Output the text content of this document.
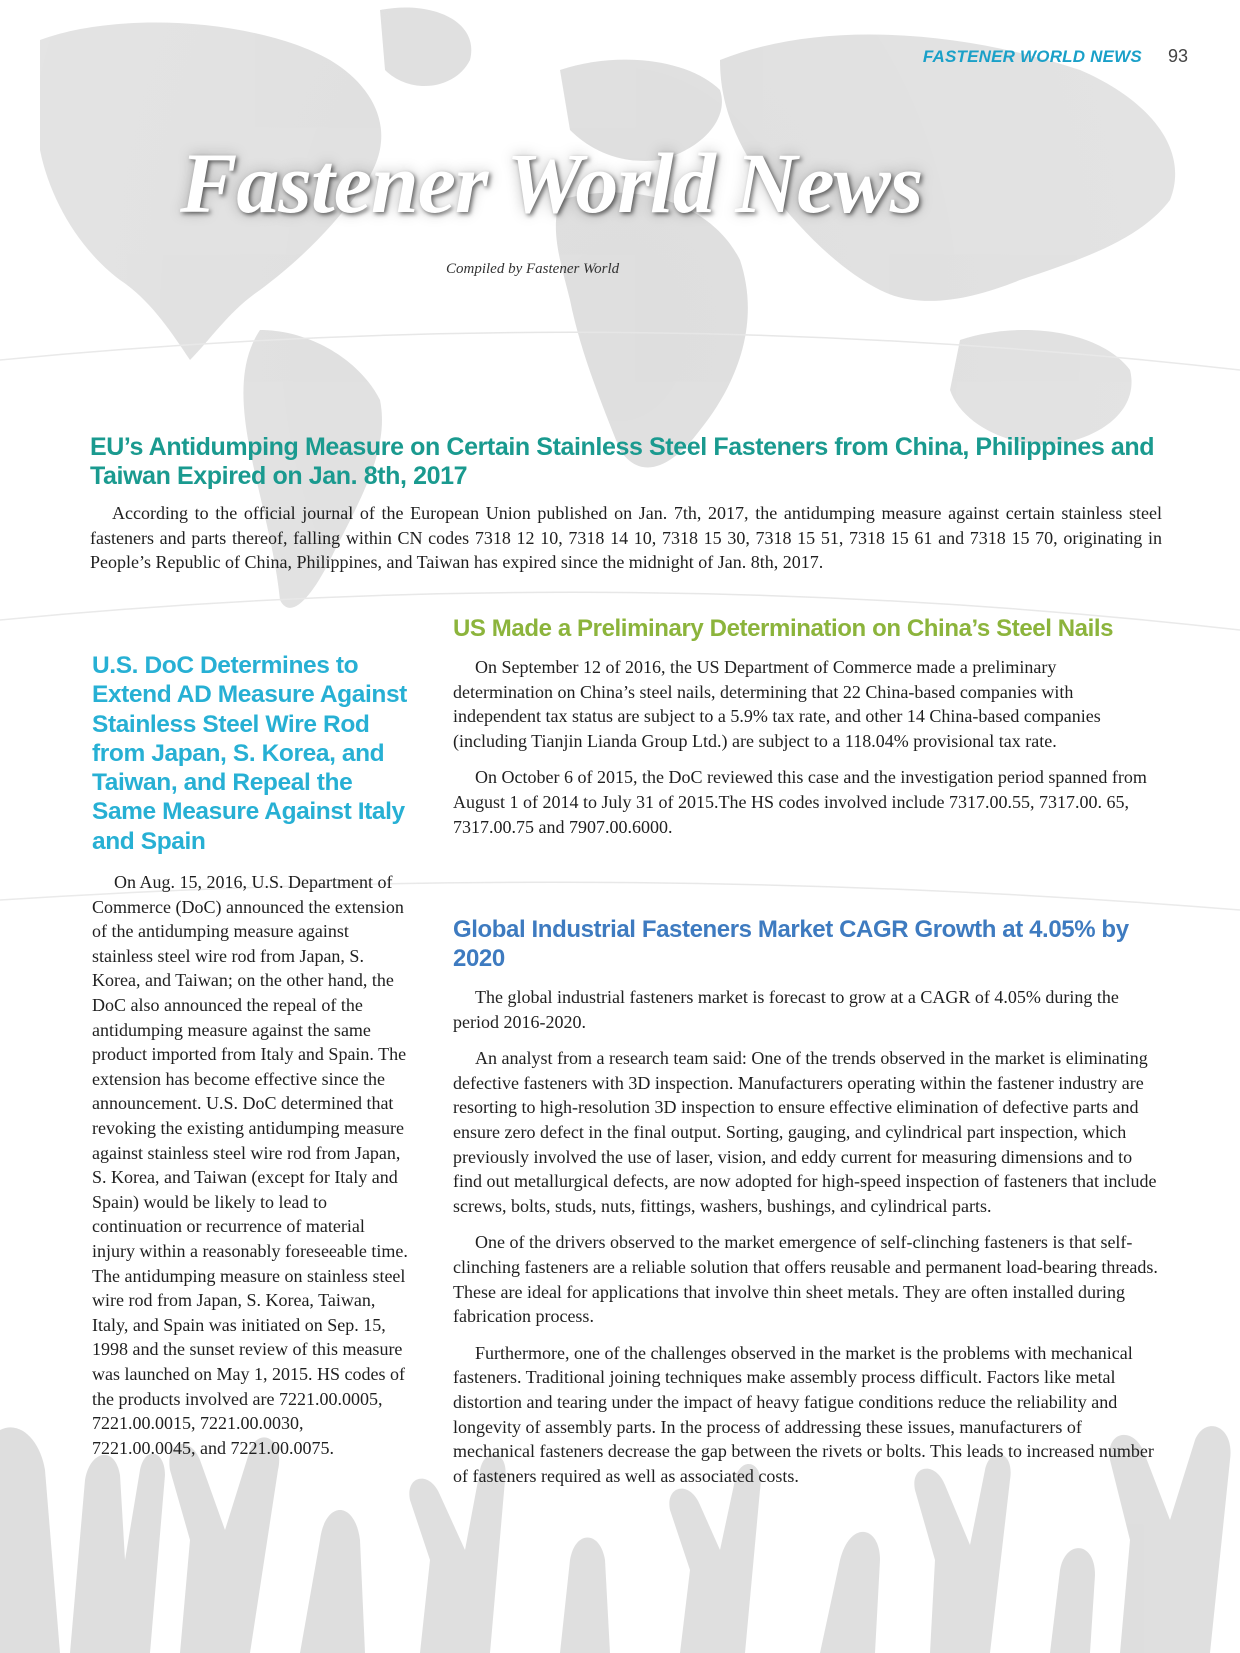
FASTENER WORLD NEWS 93
Fastener World News
Compiled by Fastener World
EU’s Antidumping Measure on Certain Stainless Steel Fasteners from China, Philippines and Taiwan Expired on Jan. 8th, 2017

According to the official journal of the European Union published on Jan. 7th, 2017, the antidumping measure against certain stainless steel fasteners and parts thereof, falling within CN codes 7318 12 10, 7318 14 10, 7318 15 30, 7318 15 51, 7318 15 61 and 7318 15 70, originating in People’s Republic of China, Philippines, and Taiwan has expired since the midnight of Jan. 8th, 2017.

U.S. DoC Determines to Extend AD Measure Against Stainless Steel Wire Rod from Japan, S. Korea, and Taiwan, and Repeal the Same Measure Against Italy and Spain

On Aug. 15, 2016, U.S. Department of Commerce (DoC) announced the extension of the antidumping measure against stainless steel wire rod from Japan, S. Korea, and Taiwan; on the other hand, the DoC also announced the repeal of the antidumping measure against the same product imported from Italy and Spain. The extension has become effective since the announcement. U.S. DoC determined that revoking the existing antidumping measure against stainless steel wire rod from Japan, S. Korea, and Taiwan (except for Italy and Spain) would be likely to lead to continuation or recurrence of material injury within a reasonably foreseeable time. The antidumping measure on stainless steel wire rod from Japan, S. Korea, Taiwan, Italy, and Spain was initiated on Sep. 15, 1998 and the sunset review of this measure was launched on May 1, 2015. HS codes of the products involved are 7221.00.0005, 7221.00.0015, 7221.00.0030, 7221.00.0045, and 7221.00.0075.

US Made a Preliminary Determination on China’s Steel Nails

On September 12 of 2016, the US Department of Commerce made a preliminary determination on China’s steel nails, determining that 22 China-based companies with independent tax status are subject to a 5.9% tax rate, and other 14 China-based companies (including Tianjin Lianda Group Ltd.) are subject to a 118.04% provisional tax rate.

On October 6 of 2015, the DoC reviewed this case and the investigation period spanned from August 1 of 2014 to July 31 of 2015.The HS codes involved include 7317.00.55, 7317.00. 65, 7317.00.75 and 7907.00.6000.

Global Industrial Fasteners Market CAGR Growth at 4.05% by 2020

The global industrial fasteners market is forecast to grow at a CAGR of 4.05% during the period 2016-2020.

An analyst from a research team said: One of the trends observed in the market is eliminating defective fasteners with 3D inspection. Manufacturers operating within the fastener industry are resorting to high-resolution 3D inspection to ensure effective elimination of defective parts and ensure zero defect in the final output. Sorting, gauging, and cylindrical part inspection, which previously involved the use of laser, vision, and eddy current for measuring dimensions and to find out metallurgical defects, are now adopted for high-speed inspection of fasteners that include screws, bolts, studs, nuts, fittings, washers, bushings, and cylindrical parts.

One of the drivers observed to the market emergence of self-clinching fasteners is that self-clinching fasteners are a reliable solution that offers reusable and permanent load-bearing threads. These are ideal for applications that involve thin sheet metals. They are often installed during fabrication process.

Furthermore, one of the challenges observed in the market is the problems with mechanical fasteners. Traditional joining techniques make assembly process difficult. Factors like metal distortion and tearing under the impact of heavy fatigue conditions reduce the reliability and longevity of assembly parts. In the process of addressing these issues, manufacturers of mechanical fasteners decrease the gap between the rivets or bolts. This leads to increased number of fasteners required as well as associated costs.
